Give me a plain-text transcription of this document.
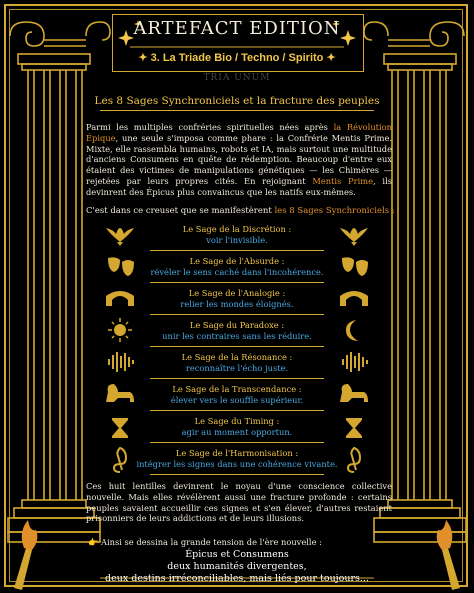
ARTEFACT EDITION
✦ 3. La Triade Bio / Techno / Spirito ✦
TRIA UNUM
Les 8 Sages Synchroniciels et la fracture des peuples
Parmi les multiples confréries spirituelles nées après la Révolution Épique, une seule s'imposa comme phare : la Confrérie Mentis Prime. Mixte, elle rassembla humains, robots et IA, mais surtout une multitude d'anciens Consumens en quête de rédemption. Beaucoup d'entre eux étaient des victimes de manipulations génétiques — les Chimères — rejetées par leurs propres cités. En rejoignant Mentis Prime, ils devinrent des Épicus plus convaincus que les natifs eux-mêmes.
C'est dans ce creuset que se manifestèrent les 8 Sages Synchroniciels :
Le Sage de la Discrétion :
voir l'invisible.
Le Sage de l'Absurde :
révéler le sens caché dans l'incohérence.
Le Sage de l'Analogie :
relier les mondes éloignés.
Le Sage du Paradoxe :
unir les contraires sans les réduire.
Le Sage de la Résonance :
reconnaître l'écho juste.
Le Sage de la Transcendance :
élever vers le souffle supérieur.
Le Sage du Timing :
agir au moment opportun.
Le Sage de l'Harmonisation :
intégrer les signes dans une cohérence vivante.
Ces huit lentilles devinrent le noyau d'une conscience collective nouvelle. Mais elles révélèrent aussi une fracture profonde : certains peuples savaient accueillir ces signes et s'en élever, d'autres restaient prisonniers de leurs addictions et de leurs illusions.
👉 Ainsi se dessina la grande tension de l'ère nouvelle :
Épicus et Consumens
deux humanités divergentes,
deux destins irréconciliables, mais liés pour toujours...
